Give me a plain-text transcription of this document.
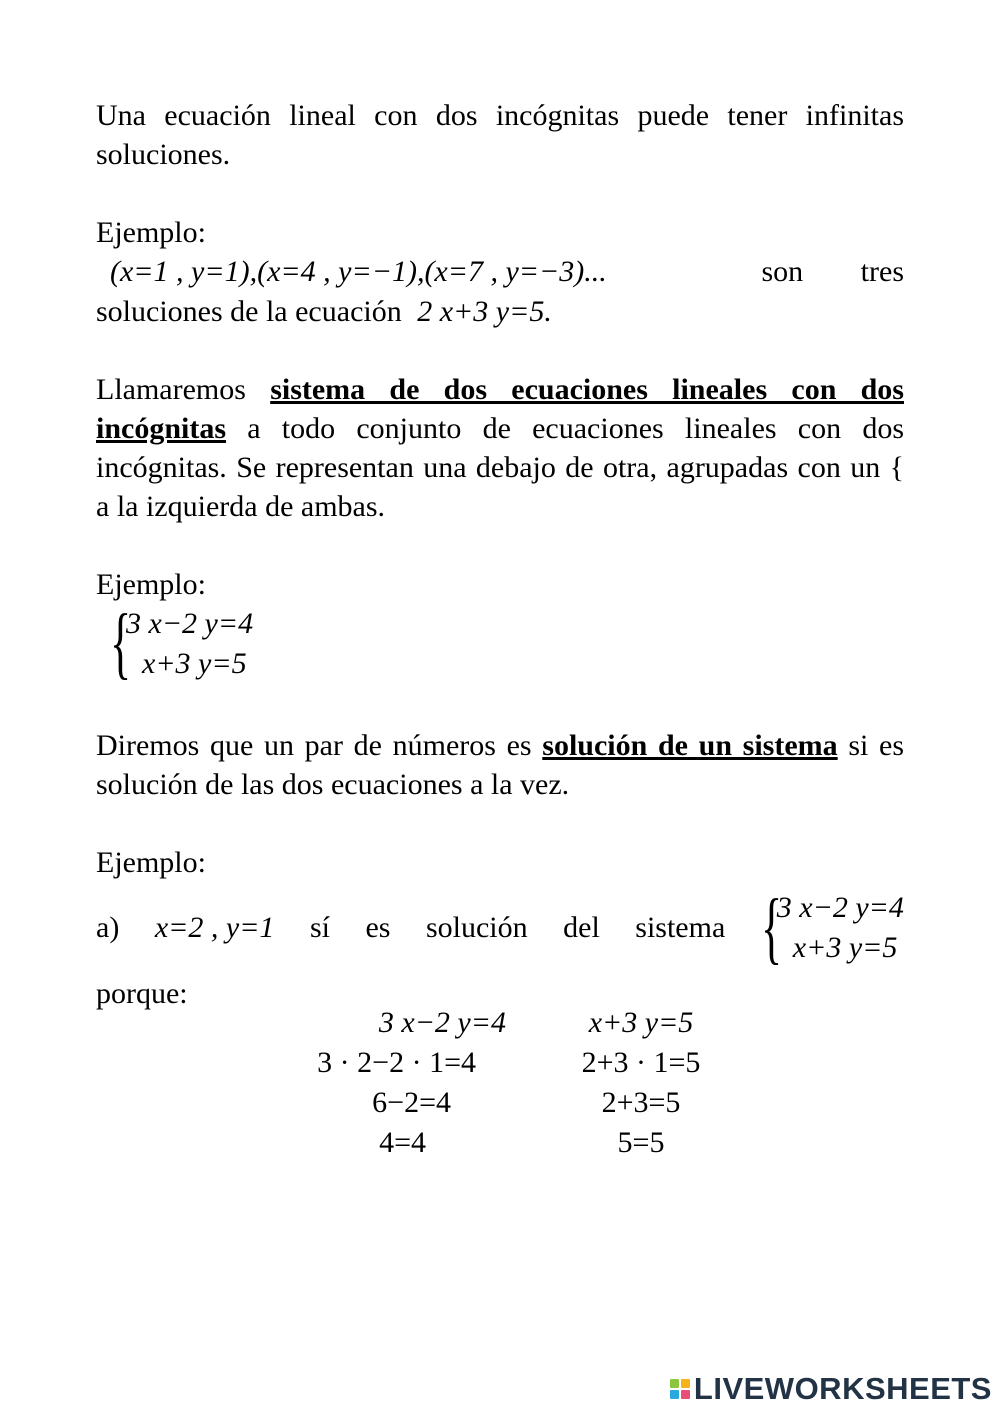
Una ecuación lineal con dos incógnitas puede tener infinitas soluciones.

Ejemplo:

(x=1 , y=1),(x=4 , y=−1),(x=7 , y=−3)...	son tres

soluciones de la ecuación 2 x+3 y=5.

Llamaremos sistema de dos ecuaciones lineales con dos incógnitas a todo conjunto de ecuaciones lineales con dos incógnitas. Se representan una debajo de otra, agrupadas con un { a la izquierda de ambas.

Ejemplo:

{
3 x−2 y=4
x+3 y=5

Diremos que un par de números es solución de un sistema si es solución de las dos ecuaciones a la vez.

Ejemplo:

a) x=2 , y=1 sí es solución del sistema {
3 x−2 y=4
x+3 y=5

porque:

3 x−2 y=4	x+3 y=5
3 · 2−2 · 1=4	2+3 · 1=5
6−2=4	2+3=5
4=4	5=5
LIVEWORKSHEETS
